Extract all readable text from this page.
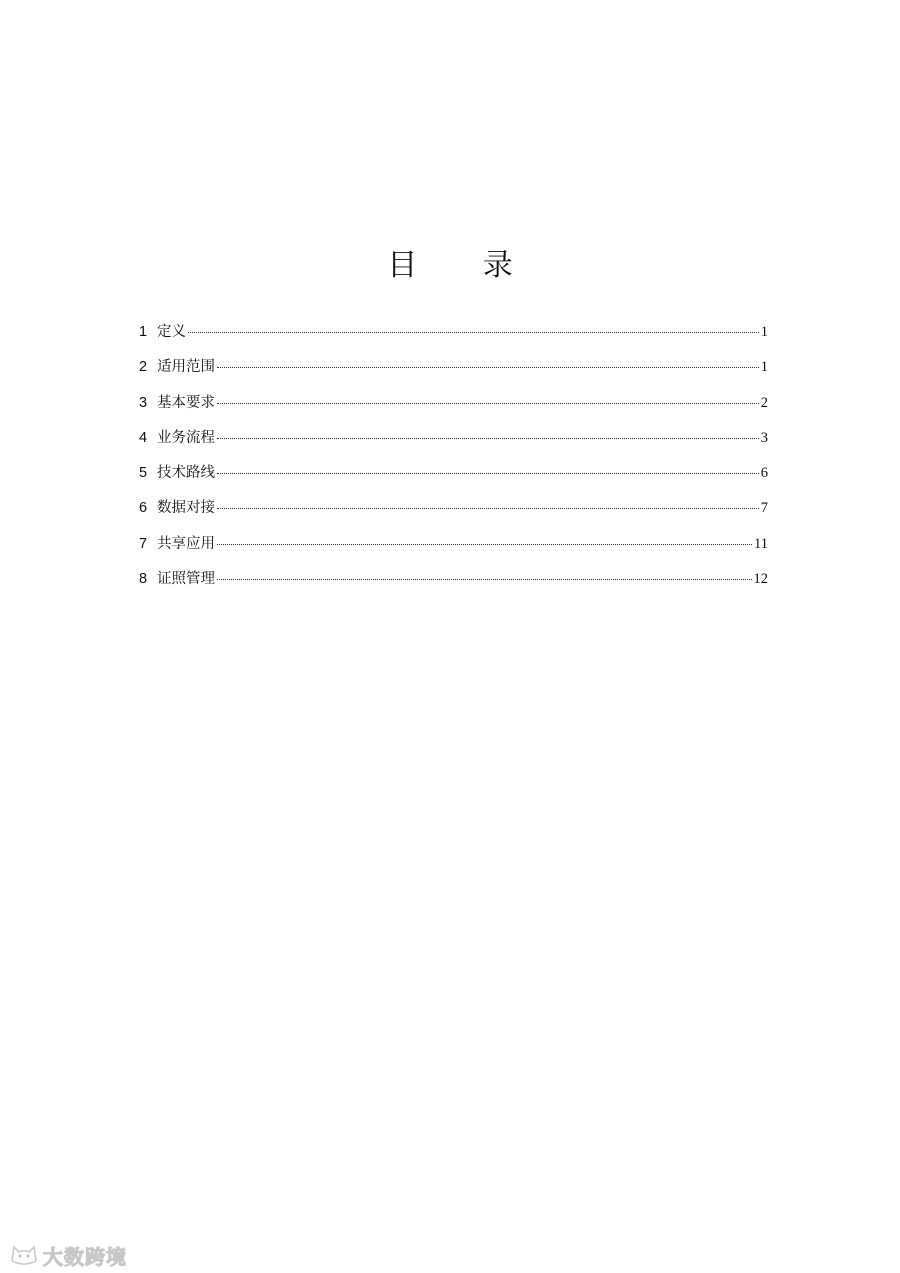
目 录
1 定义	1
2 适用范围	1
3 基本要求	2
4 业务流程	3
5 技术路线	6
6 数据对接	7
7 共享应用	11
8 证照管理	12
大数跨境
